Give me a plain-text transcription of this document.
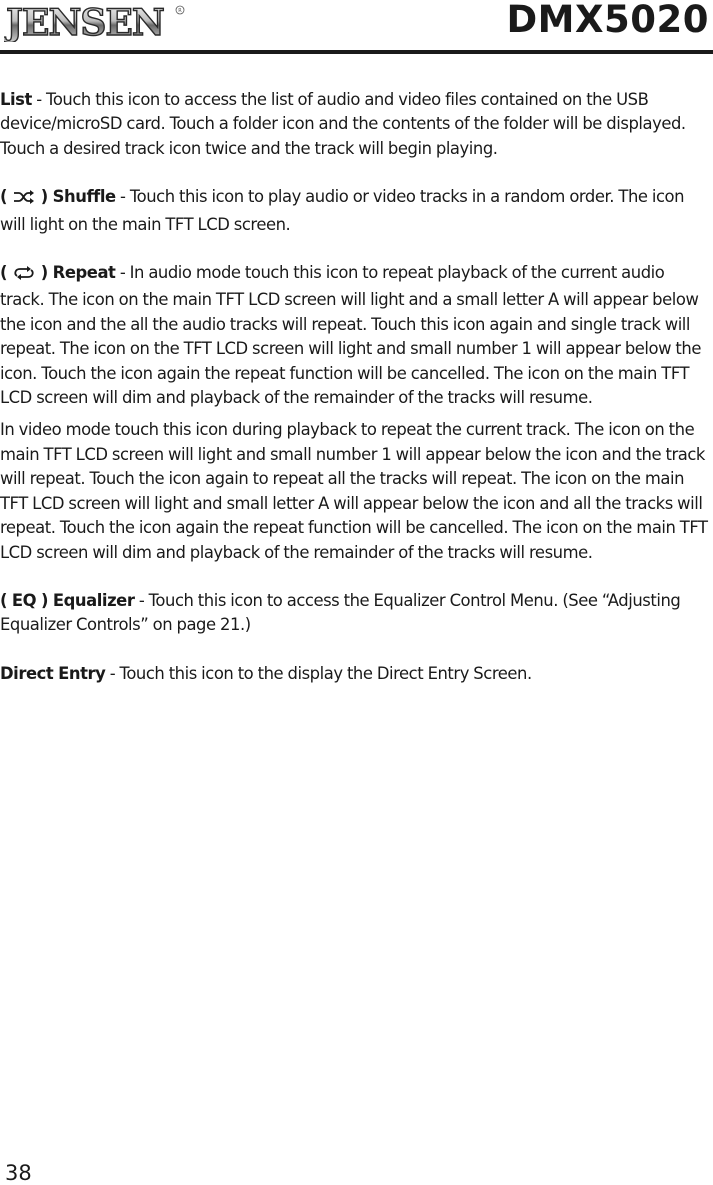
JENSEN	R	DMX5020

List - Touch this icon to access the list of audio and video files contained on the USB device/microSD card. Touch a folder icon and the contents of the folder will be displayed. Touch a desired track icon twice and the track will begin playing.

(  ) Shuffle - Touch this icon to play audio or video tracks in a random order. The icon will light on the main TFT LCD screen.

(  ) Repeat - In audio mode touch this icon to repeat playback of the current audio track. The icon on the main TFT LCD screen will light and a small letter A will appear below the icon and the all the audio tracks will repeat. Touch this icon again and single track will repeat. The icon on the TFT LCD screen will light and small number 1 will appear below the icon. Touch the icon again the repeat function will be cancelled. The icon on the main TFT LCD screen will dim and playback of the remainder of the tracks will resume.

In video mode touch this icon during playback to repeat the current track. The icon on the main TFT LCD screen will light and small number 1 will appear below the icon and the track will repeat. Touch the icon again to repeat all the tracks will repeat. The icon on the main TFT LCD screen will light and small letter A will appear below the icon and all the tracks will repeat. Touch the icon again the repeat function will be cancelled. The icon on the main TFT LCD screen will dim and playback of the remainder of the tracks will resume.

( EQ ) Equalizer - Touch this icon to access the Equalizer Control Menu. (See “Adjusting Equalizer Controls” on page 21.)

Direct Entry - Touch this icon to the display the Direct Entry Screen.

38
